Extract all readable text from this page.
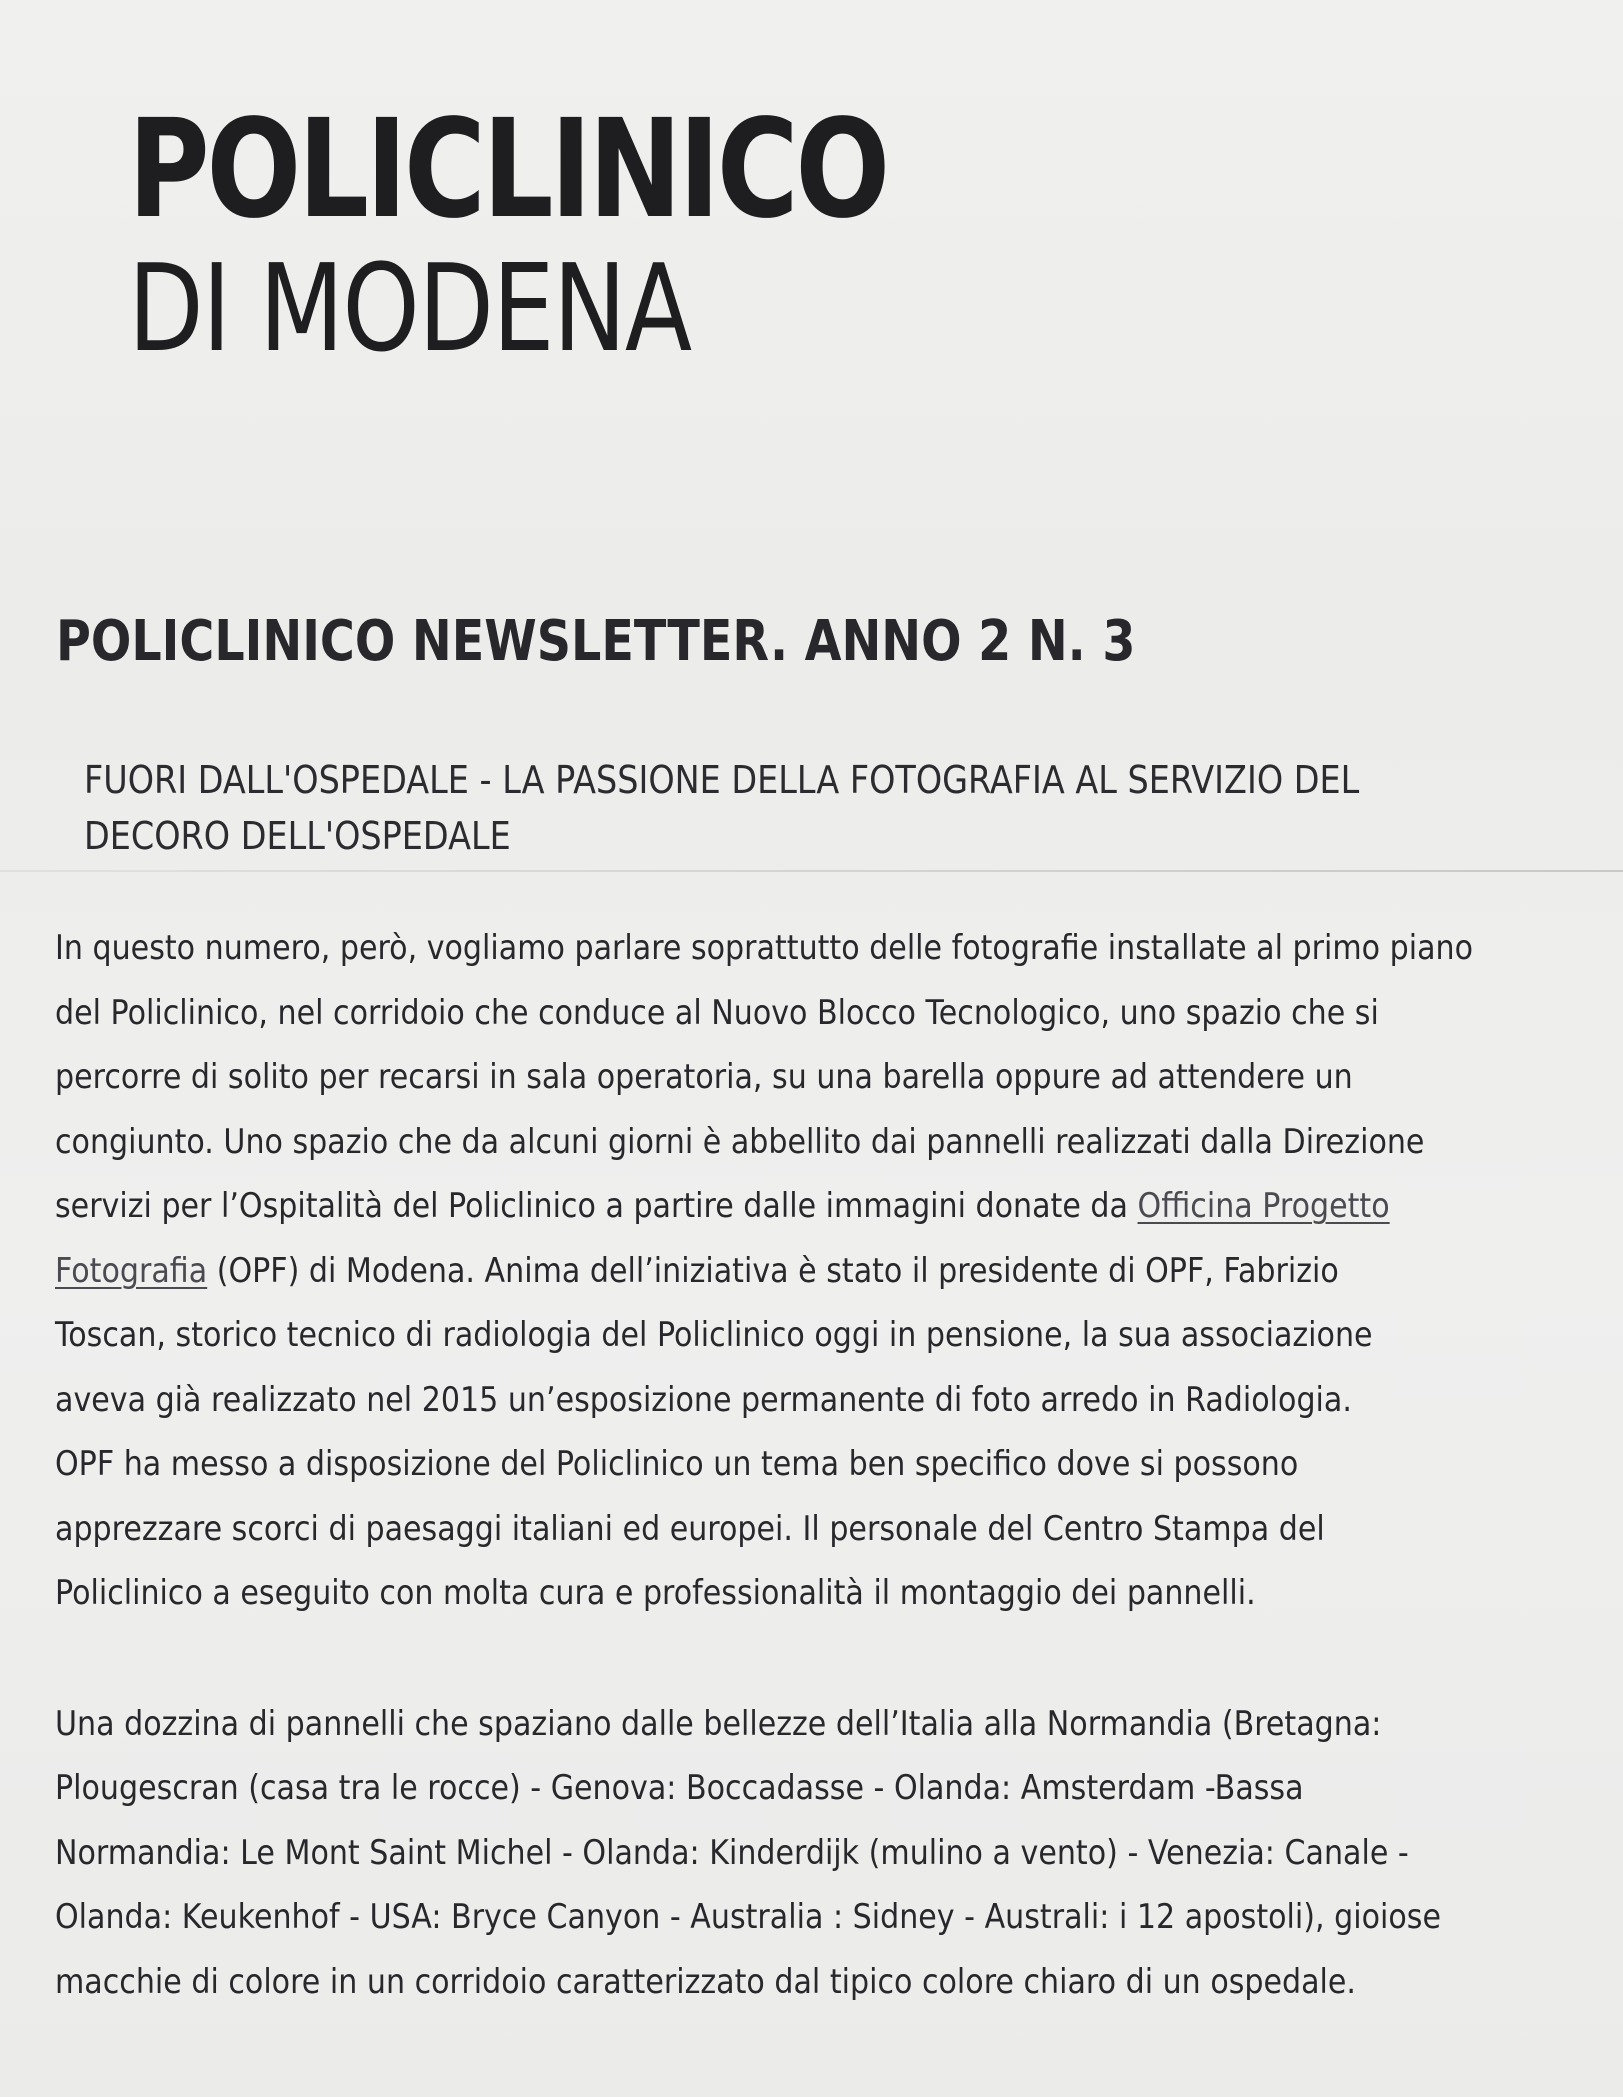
POLICLINICO
DI MODENA
POLICLINICO NEWSLETTER. ANNO 2 N. 3
FUORI DALL'OSPEDALE - LA PASSIONE DELLA FOTOGRAFIA AL SERVIZIO DEL
DECORO DELL'OSPEDALE
In questo numero, però, vogliamo parlare soprattutto delle fotografie installate al primo piano
del Policlinico, nel corridoio che conduce al Nuovo Blocco Tecnologico, uno spazio che si
percorre di solito per recarsi in sala operatoria, su una barella oppure ad attendere un
congiunto. Uno spazio che da alcuni giorni è abbellito dai pannelli realizzati dalla Direzione
servizi per l’Ospitalità del Policlinico a partire dalle immagini donate da Officina Progetto
Fotografia (OPF) di Modena. Anima dell’iniziativa è stato il presidente di OPF, Fabrizio
Toscan, storico tecnico di radiologia del Policlinico oggi in pensione, la sua associazione
aveva già realizzato nel 2015 un’esposizione permanente di foto arredo in Radiologia.
OPF ha messo a disposizione del Policlinico un tema ben specifico dove si possono
apprezzare scorci di paesaggi italiani ed europei. Il personale del Centro Stampa del
Policlinico a eseguito con molta cura e professionalità il montaggio dei pannelli.
Una dozzina di pannelli che spaziano dalle bellezze dell’Italia alla Normandia (Bretagna:
Plougescran (casa tra le rocce) - Genova: Boccadasse - Olanda: Amsterdam -Bassa
Normandia: Le Mont Saint Michel - Olanda: Kinderdijk (mulino a vento) - Venezia: Canale -
Olanda: Keukenhof - USA: Bryce Canyon - Australia : Sidney - Australi: i 12 apostoli), gioiose
macchie di colore in un corridoio caratterizzato dal tipico colore chiaro di un ospedale.
